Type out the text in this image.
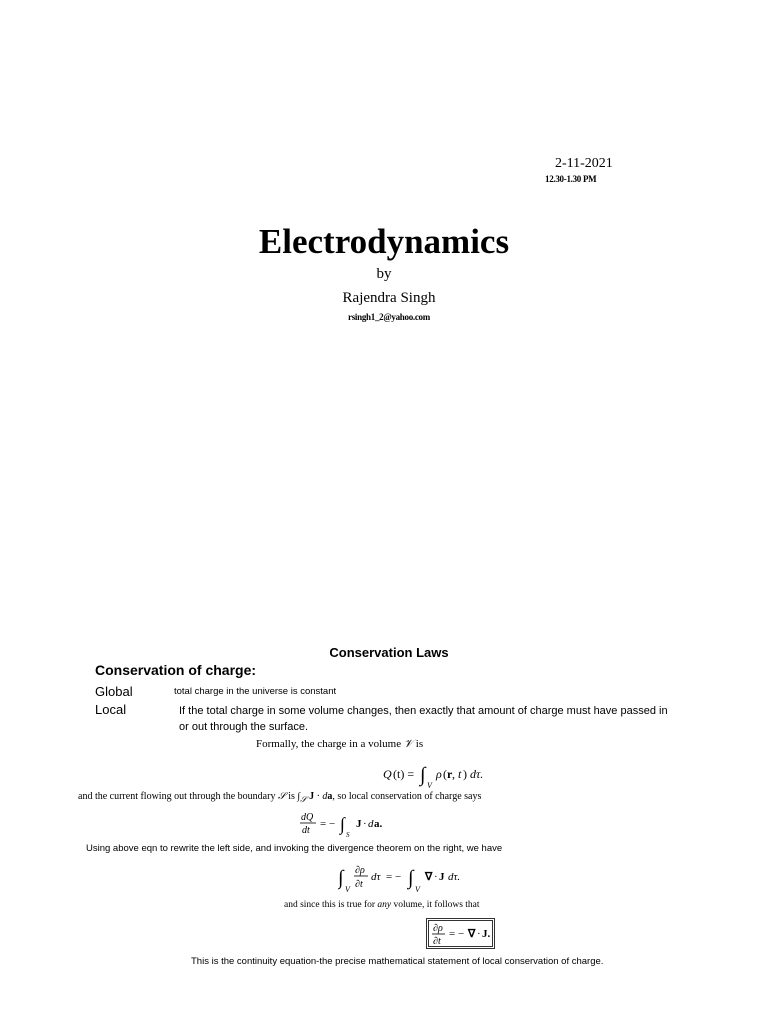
2-11-2021
12.30-1.30 PM
Electrodynamics
by
Rajendra Singh
rsingh1_2@yahoo.com
Conservation Laws
Conservation of charge:
Global	total charge in the universe is constant
Local	If the total charge in some volume changes, then exactly that amount of charge must have passed in or out through the surface.
Formally, the charge in a volume 𝒱 is
Q (t) = ∫ V
ρ ( r , t ) dτ.
and the current flowing out through the boundary 𝒮 is $\int_𝒮$ J · da, so local conservation of charge says
dQ
dt
= − ∫
S
J · d a.
Using above eqn to rewrite the left side, and invoking the divergence theorem on the right, we have
∫
V
∂ρ
∂t
dτ = − ∫
V
∇ · J dτ.
and since this is true for any volume, it follows that
∂ρ
∂t
= − ∇ · J.
This is the continuity equation-the precise mathematical statement of local conservation of charge.
